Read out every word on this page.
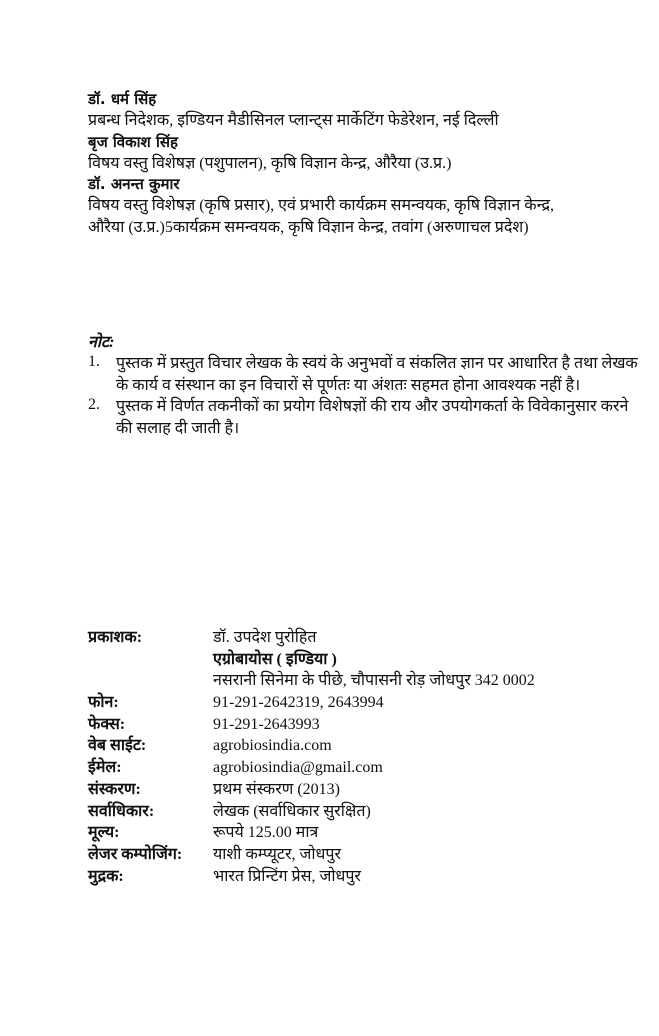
डॉ. धर्म सिंह
प्रबन्ध निदेशक, इण्डियन मैडीसिनल प्लान्ट्स मार्केटिंग फेडेरेशन, नई दिल्ली
बृज विकाश सिंह
विषय वस्तु विशेषज्ञ (पशुपालन), कृषि विज्ञान केन्द्र, औरैया (उ.प्र.)
डॉ. अनन्त कुमार
विषय वस्तु विशेषज्ञ (कृषि प्रसार), एवं प्रभारी कार्यक्रम समन्वयक, कृषि विज्ञान केन्द्र,
औरैया (उ.प्र.)5कार्यक्रम समन्वयक, कृषि विज्ञान केन्द्र, तवांग (अरुणाचल प्रदेश)
नोट:
1.	पुस्तक में प्रस्तुत विचार लेखक के स्वयं के अनुभवों व संकलित ज्ञान पर आधारित है तथा लेखक के कार्य व संस्थान का इन विचारों से पूर्णतः या अंशतः सहमत होना आवश्यक नहीं है।
2.	पुस्तक में विर्णत तकनीकों का प्रयोग विशेषज्ञों की राय और उपयोगकर्ता के विवेकानुसार करने की सलाह दी जाती है।
प्रकाशक:	डॉ. उपदेश पुरोहित
एग्रोबायोस ( इण्डिया )
नसरानी सिनेमा के पीछे, चौपासनी रोड़ जोधपुर 342 0002
फोन:	91-291-2642319, 2643994
फेक्स:	91-291-2643993
वेब साईट:	agrobiosindia.com
ईमेल:	agrobiosindia@gmail.com
संस्करण:	प्रथम संस्करण (2013)
सर्वाधिकार:	लेखक (सर्वाधिकार सुरक्षित)
मूल्य:	रूपये 125.00 मात्र
लेजर कम्पोजिंग:	याशी कम्प्यूटर, जोधपुर
मुद्रक:	भारत प्रिन्टिंग प्रेस, जोधपुर
